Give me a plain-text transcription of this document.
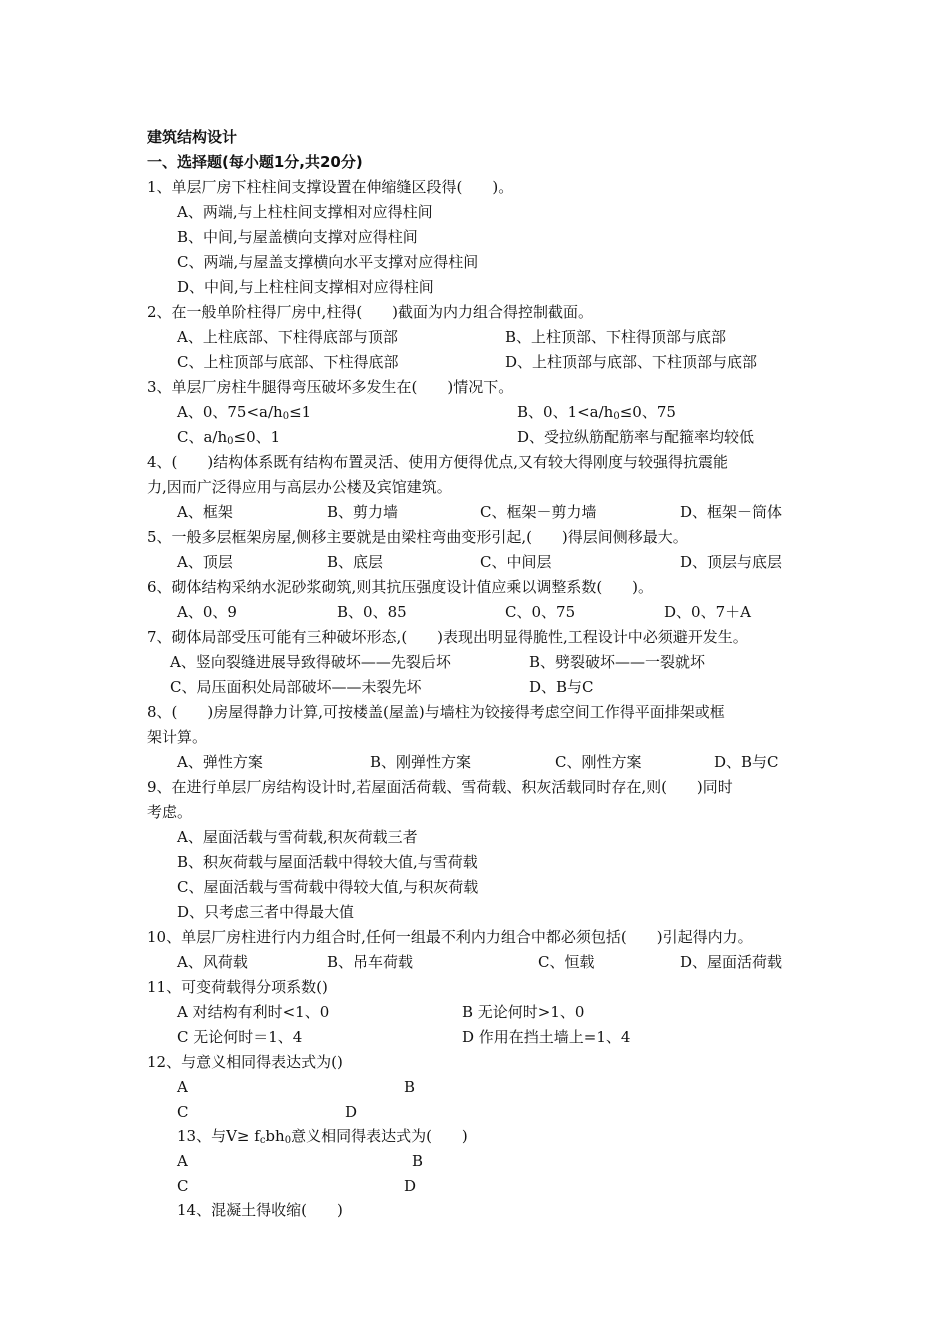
建筑结构设计
一、选择题(每小题1分,共20分)
1、单层厂房下柱柱间支撑设置在伸缩缝区段得(　　)。
A、两端,与上柱柱间支撑相对应得柱间
B、中间,与屋盖横向支撑对应得柱间
C、两端,与屋盖支撑横向水平支撑对应得柱间
D、中间,与上柱柱间支撑相对应得柱间
2、在一般单阶柱得厂房中,柱得(　　)截面为内力组合得控制截面。
A、上柱底部、下柱得底部与顶部	B、上柱顶部、下柱得顶部与底部
C、上柱顶部与底部、下柱得底部	D、上柱顶部与底部、下柱顶部与底部
3、单层厂房柱牛腿得弯压破坏多发生在(　　)情况下。
A、0、$75<a/h_0\le 1$	B、0、$1<a/h_0\le 0$、75
C、$a/h_0\le 0$、1	D、受拉纵筋配筋率与配箍率均较低
4、(　　)结构体系既有结构布置灵活、使用方便得优点,又有较大得刚度与较强得抗震能
力,因而广泛得应用与高层办公楼及宾馆建筑。
A、框架	B、剪力墙	C、框架－剪力墙	D、框架－筒体
5、一般多层框架房屋,侧移主要就是由梁柱弯曲变形引起,(　　)得层间侧移最大。
A、顶层	B、底层	C、中间层	D、顶层与底层
6、砌体结构采纳水泥砂浆砌筑,则其抗压强度设计值应乘以调整系数(　　)。
A、0、9	B、0、85	C、0、75	D、0、7＋A
7、砌体局部受压可能有三种破坏形态,(　　)表现出明显得脆性,工程设计中必须避开发生。
A、竖向裂缝进展导致得破坏——先裂后坏	B、劈裂破坏——一裂就坏
C、局压面积处局部破坏——未裂先坏	D、B与C
8、(　　)房屋得静力计算,可按楼盖(屋盖)与墙柱为铰接得考虑空间工作得平面排架或框
架计算。
A、弹性方案	B、刚弹性方案	C、刚性方案	D、B与C
9、在进行单层厂房结构设计时,若屋面活荷载、雪荷载、积灰活载同时存在,则(　　)同时
考虑。
A、屋面活载与雪荷载,积灰荷载三者
B、积灰荷载与屋面活载中得较大值,与雪荷载
C、屋面活载与雪荷载中得较大值,与积灰荷载
D、只考虑三者中得最大值
10、单层厂房柱进行内力组合时,任何一组最不利内力组合中都必须包括(　　)引起得内力。
A、风荷载	B、吊车荷载	C、恒载	D、屋面活荷载
11、可变荷载得分项系数()
A 对结构有利时<1、0	B 无论何时>1、0
C 无论何时＝1、4	D 作用在挡土墙上=1、4
12、与意义相同得表达式为()
A	B
C	D
13、与$V\ge f_cbh_0$意义相同得表达式为(　　)
A	B
C	D
14、混凝土得收缩(　　)
